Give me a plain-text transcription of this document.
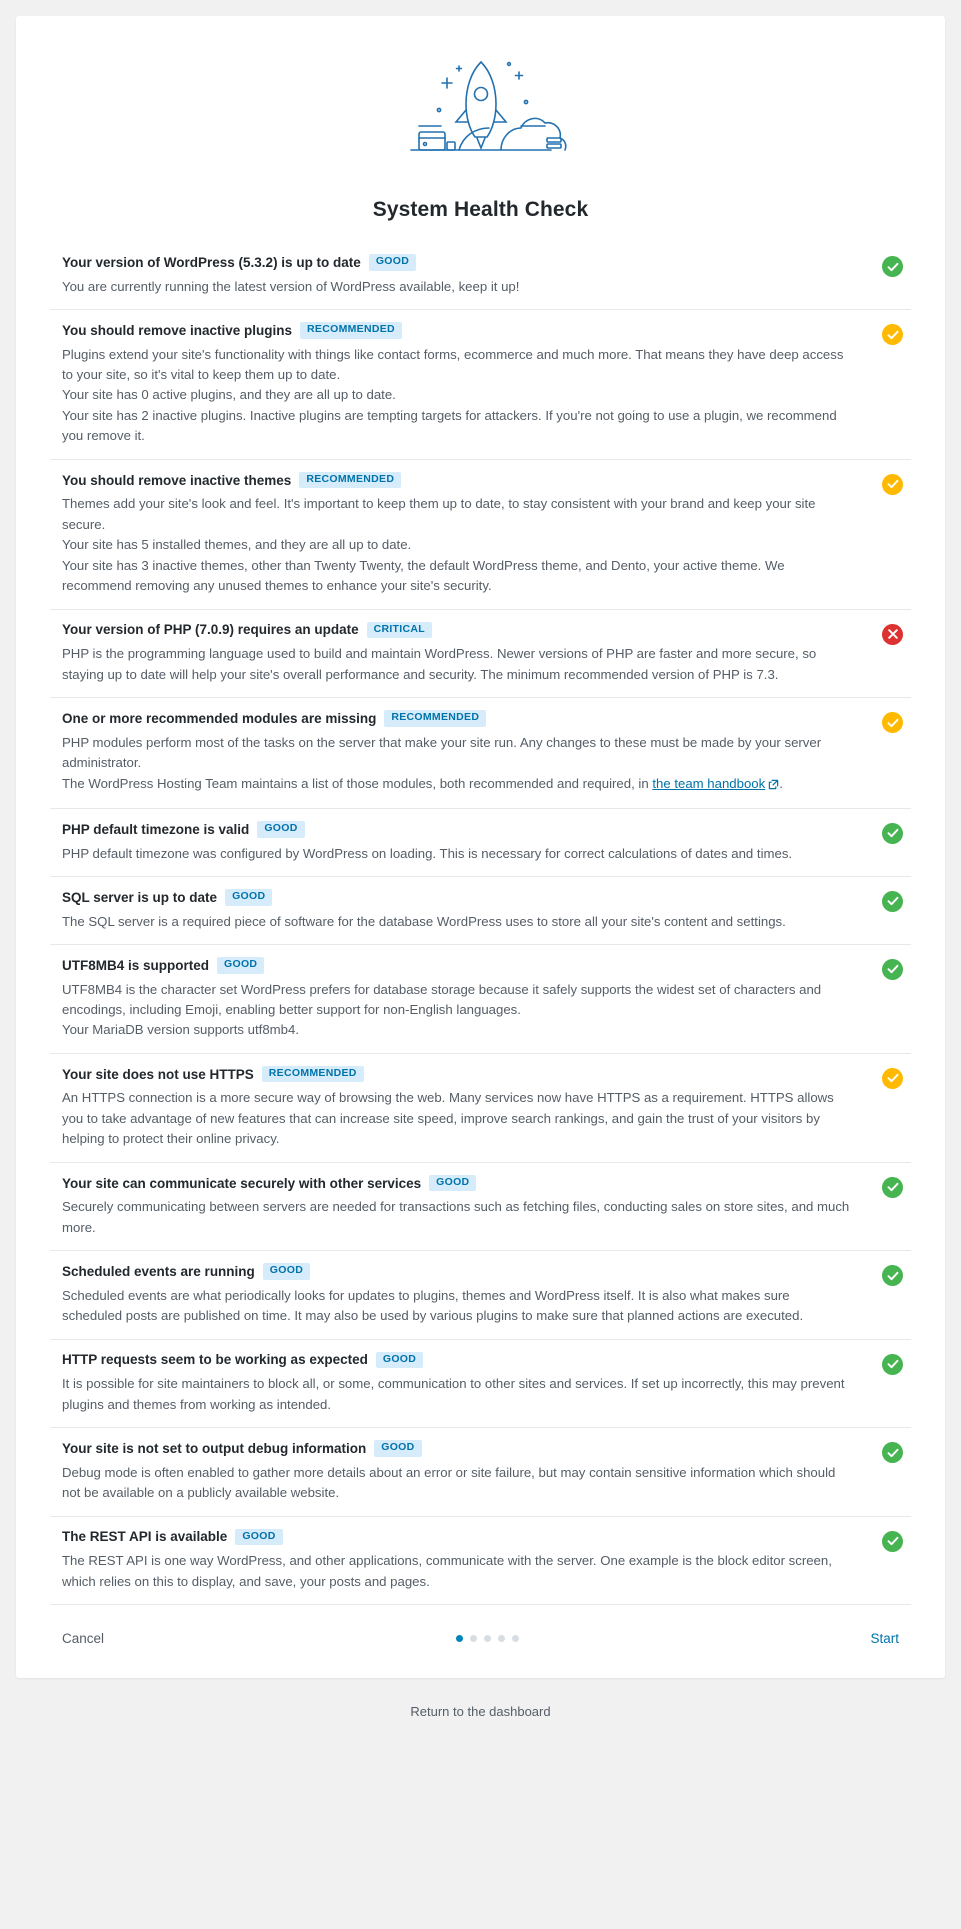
System Health Check
Your version of WordPress (5.3.2) is up to date	GOOD

You are currently running the latest version of WordPress available, keep it up!

You should remove inactive plugins	RECOMMENDED

Plugins extend your site's functionality with things like contact forms, ecommerce and much more. That means they have deep access to your site, so it's vital to keep them up to date.

Your site has 0 active plugins, and they are all up to date.

Your site has 2 inactive plugins. Inactive plugins are tempting targets for attackers. If you're not going to use a plugin, we recommend you remove it.

You should remove inactive themes	RECOMMENDED

Themes add your site's look and feel. It's important to keep them up to date, to stay consistent with your brand and keep your site secure.

Your site has 5 installed themes, and they are all up to date.

Your site has 3 inactive themes, other than Twenty Twenty, the default WordPress theme, and Dento, your active theme. We recommend removing any unused themes to enhance your site's security.

Your version of PHP (7.0.9) requires an update	CRITICAL

PHP is the programming language used to build and maintain WordPress. Newer versions of PHP are faster and more secure, so staying up to date will help your site's overall performance and security. The minimum recommended version of PHP is 7.3.

One or more recommended modules are missing	RECOMMENDED

PHP modules perform most of the tasks on the server that make your site run. Any changes to these must be made by your server administrator.

The WordPress Hosting Team maintains a list of those modules, both recommended and required, in the team handbook .

PHP default timezone is valid	GOOD

PHP default timezone was configured by WordPress on loading. This is necessary for correct calculations of dates and times.

SQL server is up to date	GOOD

The SQL server is a required piece of software for the database WordPress uses to store all your site's content and settings.

UTF8MB4 is supported	GOOD

UTF8MB4 is the character set WordPress prefers for database storage because it safely supports the widest set of characters and encodings, including Emoji, enabling better support for non-English languages.

Your MariaDB version supports utf8mb4.

Your site does not use HTTPS	RECOMMENDED

An HTTPS connection is a more secure way of browsing the web. Many services now have HTTPS as a requirement. HTTPS allows you to take advantage of new features that can increase site speed, improve search rankings, and gain the trust of your visitors by helping to protect their online privacy.

Your site can communicate securely with other services	GOOD

Securely communicating between servers are needed for transactions such as fetching files, conducting sales on store sites, and much more.

Scheduled events are running	GOOD

Scheduled events are what periodically looks for updates to plugins, themes and WordPress itself. It is also what makes sure scheduled posts are published on time. It may also be used by various plugins to make sure that planned actions are executed.

HTTP requests seem to be working as expected	GOOD

It is possible for site maintainers to block all, or some, communication to other sites and services. If set up incorrectly, this may prevent plugins and themes from working as intended.

Your site is not set to output debug information	GOOD

Debug mode is often enabled to gather more details about an error or site failure, but may contain sensitive information which should not be available on a publicly available website.

The REST API is available	GOOD

The REST API is one way WordPress, and other applications, communicate with the server. One example is the block editor screen, which relies on this to display, and save, your posts and pages.

Cancel	Start
Return to the dashboard
